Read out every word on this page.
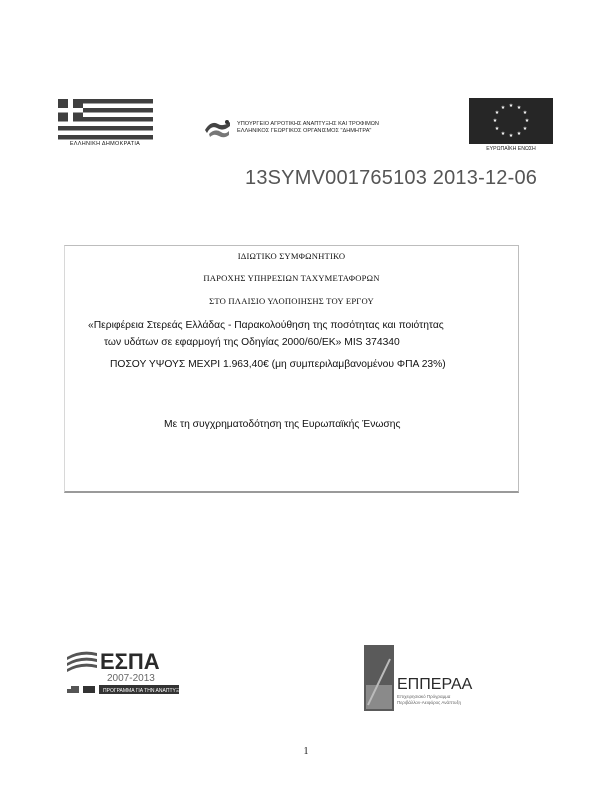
ΕΛΛΗΝΙΚΗ ΔΗΜΟΚΡΑΤΙΑ
ΥΠΟΥΡΓΕΙΟ ΑΓΡΟΤΙΚΗΣ ΑΝΑΠΤΥΞΗΣ ΚΑΙ ΤΡΟΦΙΜΩΝ
ΕΛΛΗΝΙΚΟΣ ΓΕΩΡΓΙΚΟΣ ΟΡΓΑΝΙΣΜΟΣ "ΔΗΜΗΤΡΑ"
★ ★
★
★
★
★
★
★
★
★
★
★
ΕΥΡΩΠΑΪΚΗ ΕΝΩΣΗ
13SYMV001765103 2013-12-06
ΙΔΙΩΤΙΚΟ ΣΥΜΦΩΝΗΤΙΚΟ
ΠΑΡΟΧΗΣ ΥΠΗΡΕΣΙΩΝ ΤΑΧΥΜΕΤΑΦΟΡΩΝ
ΣΤΟ ΠΛΑΙΣΙΟ ΥΛΟΠΟΙΗΣΗΣ ΤΟΥ ΕΡΓΟΥ
«Περιφέρεια Στερεάς Ελλάδας - Παρακολούθηση της ποσότητας και ποιότητας
των υδάτων σε εφαρμογή της Οδηγίας 2000/60/ΕΚ» MIS 374340
ΠΟΣΟΥ ΥΨΟΥΣ ΜΕΧΡΙ 1.963,40€ (μη συμπεριλαμβανομένου ΦΠΑ 23%)
Με τη συγχρηματοδότηση της Ευρωπαϊκής Ένωσης
ΕΣΠΑ
2007-2013
ΠΡΟΓΡΑΜΜΑ ΓΙΑ ΤΗΝ ΑΝΑΠΤΥΞΗ	ΕΠΠΕΡΑΑ
Επιχειρησιακό Πρόγραμμα
Περιβάλλον-Αειφόρος Ανάπτυξη
1
